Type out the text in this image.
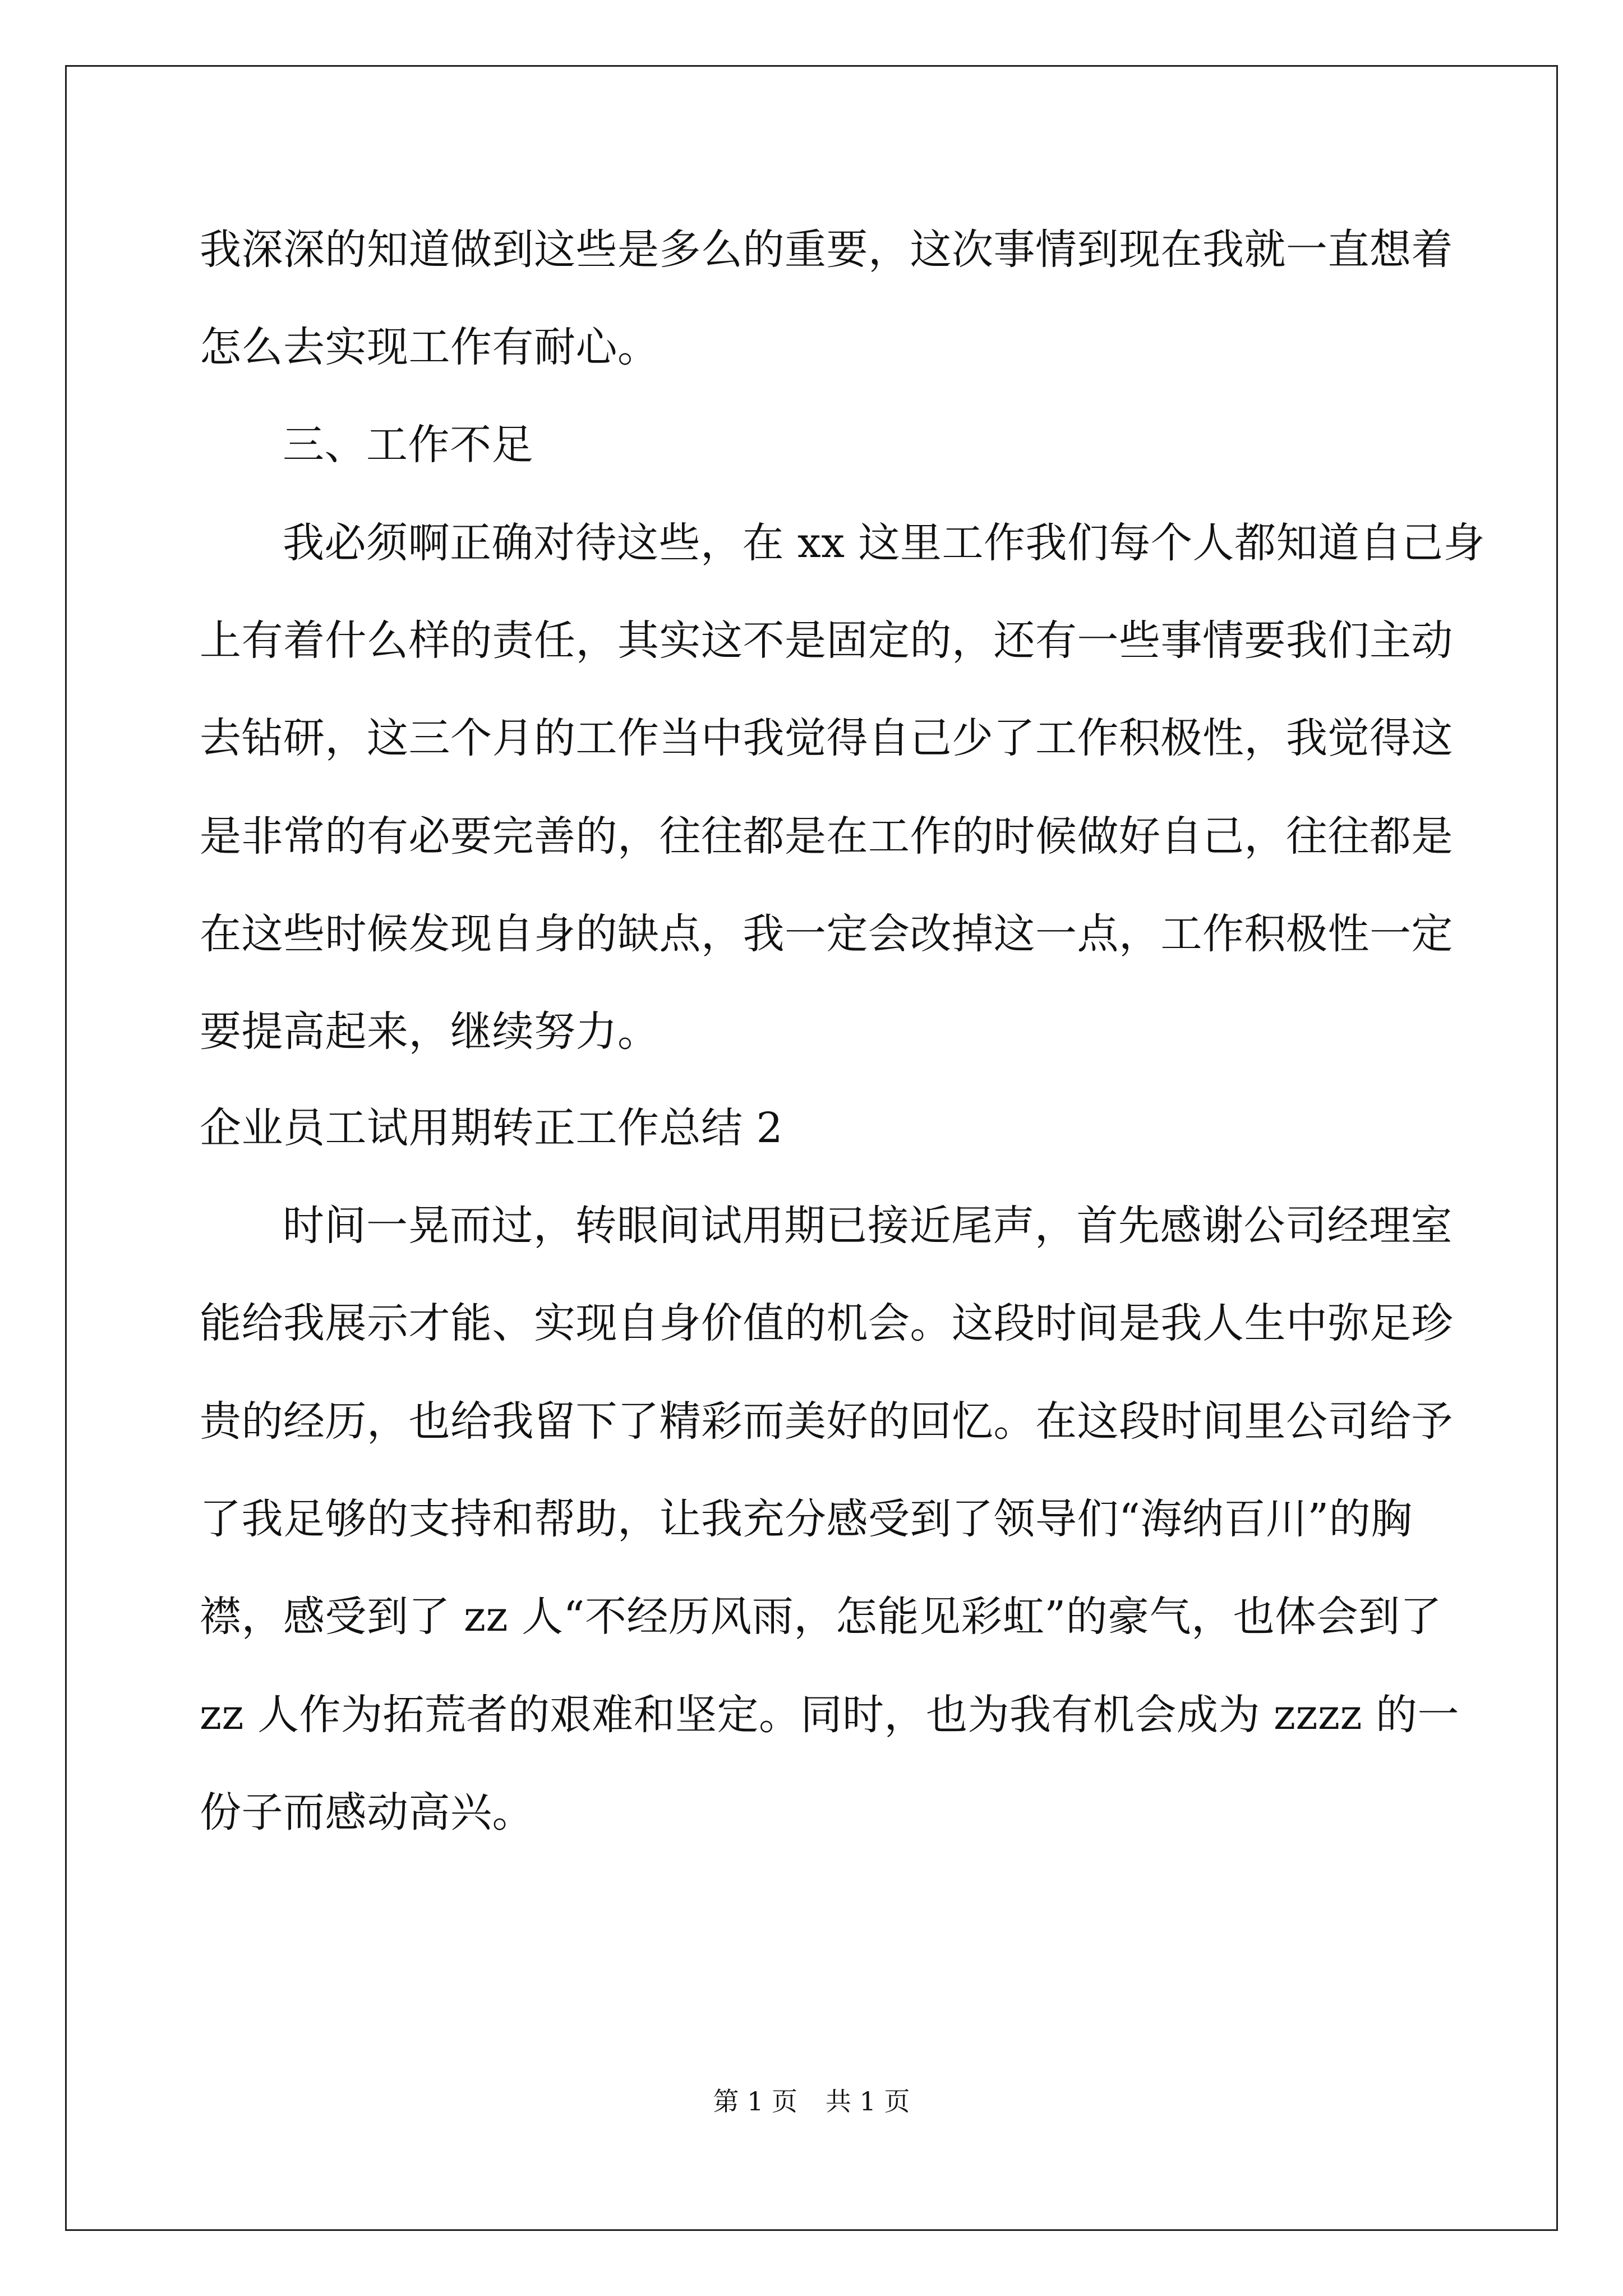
我深深的知道做到这些是多么的重要，这次事情到现在我就一直想着
怎么去实现工作有耐心。
三、工作不足
我必须啊正确对待这些，在 xx 这里工作我们每个人都知道自己身
上有着什么样的责任，其实这不是固定的，还有一些事情要我们主动
去钻研，这三个月的工作当中我觉得自己少了工作积极性，我觉得这
是非常的有必要完善的，往往都是在工作的时候做好自己，往往都是
在这些时候发现自身的缺点，我一定会改掉这一点，工作积极性一定
要提高起来，继续努力。
企业员工试用期转正工作总结 2
时间一晃而过，转眼间试用期已接近尾声，首先感谢公司经理室
能给我展示才能、实现自身价值的机会。这段时间是我人生中弥足珍
贵的经历，也给我留下了精彩而美好的回忆。在这段时间里公司给予
了我足够的支持和帮助，让我充分感受到了领导们“海纳百川”的胸
襟，感受到了 zz 人“不经历风雨，怎能见彩虹”的豪气，也体会到了
zz 人作为拓荒者的艰难和坚定。同时，也为我有机会成为 zzzz 的一
份子而感动高兴。
第 1 页 共 1 页
